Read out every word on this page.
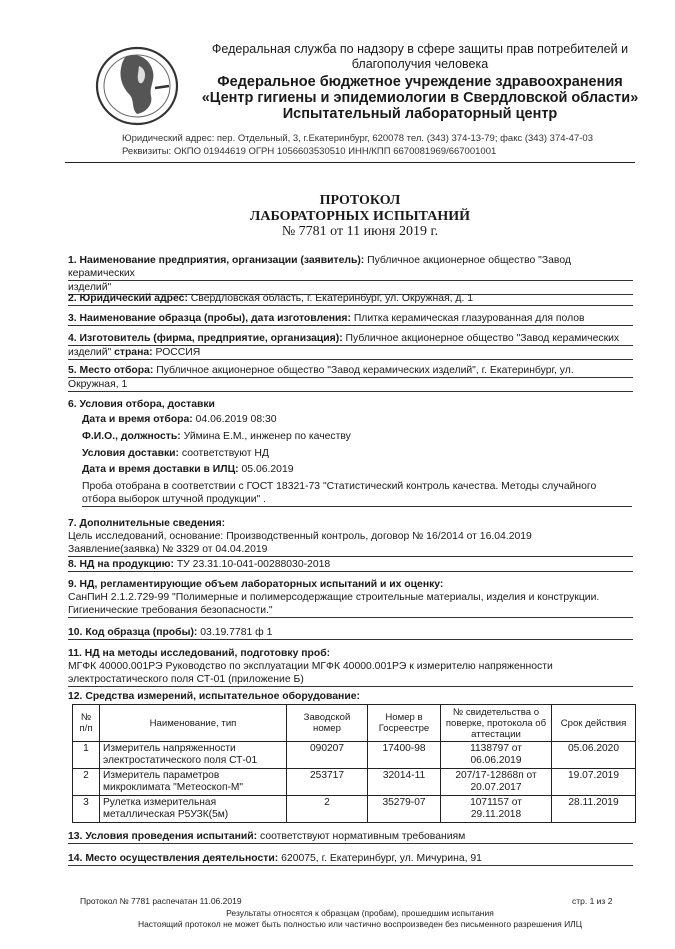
Федеральная служба по надзору в сфере защиты прав потребителей и
благополучия человека
Федеральное бюджетное учреждение здравоохранения
«Центр гигиены и эпидемиологии в Свердловской области»
Испытательный лабораторный центр
Юридический адрес: пер. Отдельный, 3, г.Екатеринбург, 620078 тел. (343) 374-13-79; факс (343) 374-47-03
Реквизиты: ОКПО 01944619 ОГРН 1056603530510 ИНН/КПП 6670081969/667001001
ПРОТОКОЛ
ЛАБОРАТОРНЫХ ИСПЫТАНИЙ
№ 7781 от 11 июня 2019 г.
1. Наименование предприятия, организации (заявитель): Публичное акционерное общество "Завод керамических
изделий"
2. Юридический адрес: Свердловская область, г. Екатеринбург, ул. Окружная, д. 1
3. Наименование образца (пробы), дата изготовления: Плитка керамическая глазурованная для полов
4. Изготовитель (фирма, предприятие, организация): Публичное акционерное общество "Завод керамических
изделий" страна: РОССИЯ
5. Место отбора: Публичное акционерное общество "Завод керамических изделий", г. Екатеринбург, ул.
Окружная, 1
6. Условия отбора, доставки
Дата и время отбора: 04.06.2019 08:30
Ф.И.О., должность: Уймина Е.М., инженер по качеству
Условия доставки: соответствуют НД
Дата и время доставки в ИЛЦ: 05.06.2019
Проба отобрана в соответствии с ГОСТ 18321-73 "Статистический контроль качества. Методы случайного
отбора выборок штучной продукции" .
7. Дополнительные сведения:
Цель исследований, основание: Производственный контроль, договор № 16/2014 от 16.04.2019
Заявление(заявка) № 3329 от 04.04.2019
8. НД на продукцию: ТУ 23.31.10-041-00288030-2018
9. НД, регламентирующие объем лабораторных испытаний и их оценку:
СанПиН 2.1.2.729-99 "Полимерные и полимерсодержащие строительные материалы, изделия и конструкции.
Гигиенические требования безопасности."
10. Код образца (пробы): 03.19.7781 ф 1
11. НД на методы исследований, подготовку проб:
МГФК 40000.001РЭ Руководство по эксплуатации МГФК 40000.001РЭ к измерителю напряженности
электростатического поля СТ-01 (приложение Б)
12. Средства измерений, испытательное оборудование:
№ п/п	Наименование, тип	Заводской номер	Номер в Госреестре	№ свидетельства о поверке, протокола об аттестации	Срок действия
1	Измеритель напряженности электростатического поля СТ-01	090207	17400-98	1138797 от 06.06.2019	05.06.2020
2	Измеритель параметров микроклимата "Метеоскоп-М"	253717	32014-11	207/17-12868п от 20.07.2017	19.07.2019
3	Рулетка измерительная металлическая Р5УЗК(5м)	2	35279-07	1071157 от 29.11.2018	28.11.2019
13. Условия проведения испытаний: соответствуют нормативным требованиям
14. Место осуществления деятельности: 620075, г. Екатеринбург, ул. Мичурина, 91
Протокол № 7781 распечатан 11.06.2019	стр. 1 из 2
Результаты относятся к образцам (пробам), прошедшим испытания
Настоящий протокол не может быть полностью или частично воспроизведен без письменного разрешения ИЛЦ
